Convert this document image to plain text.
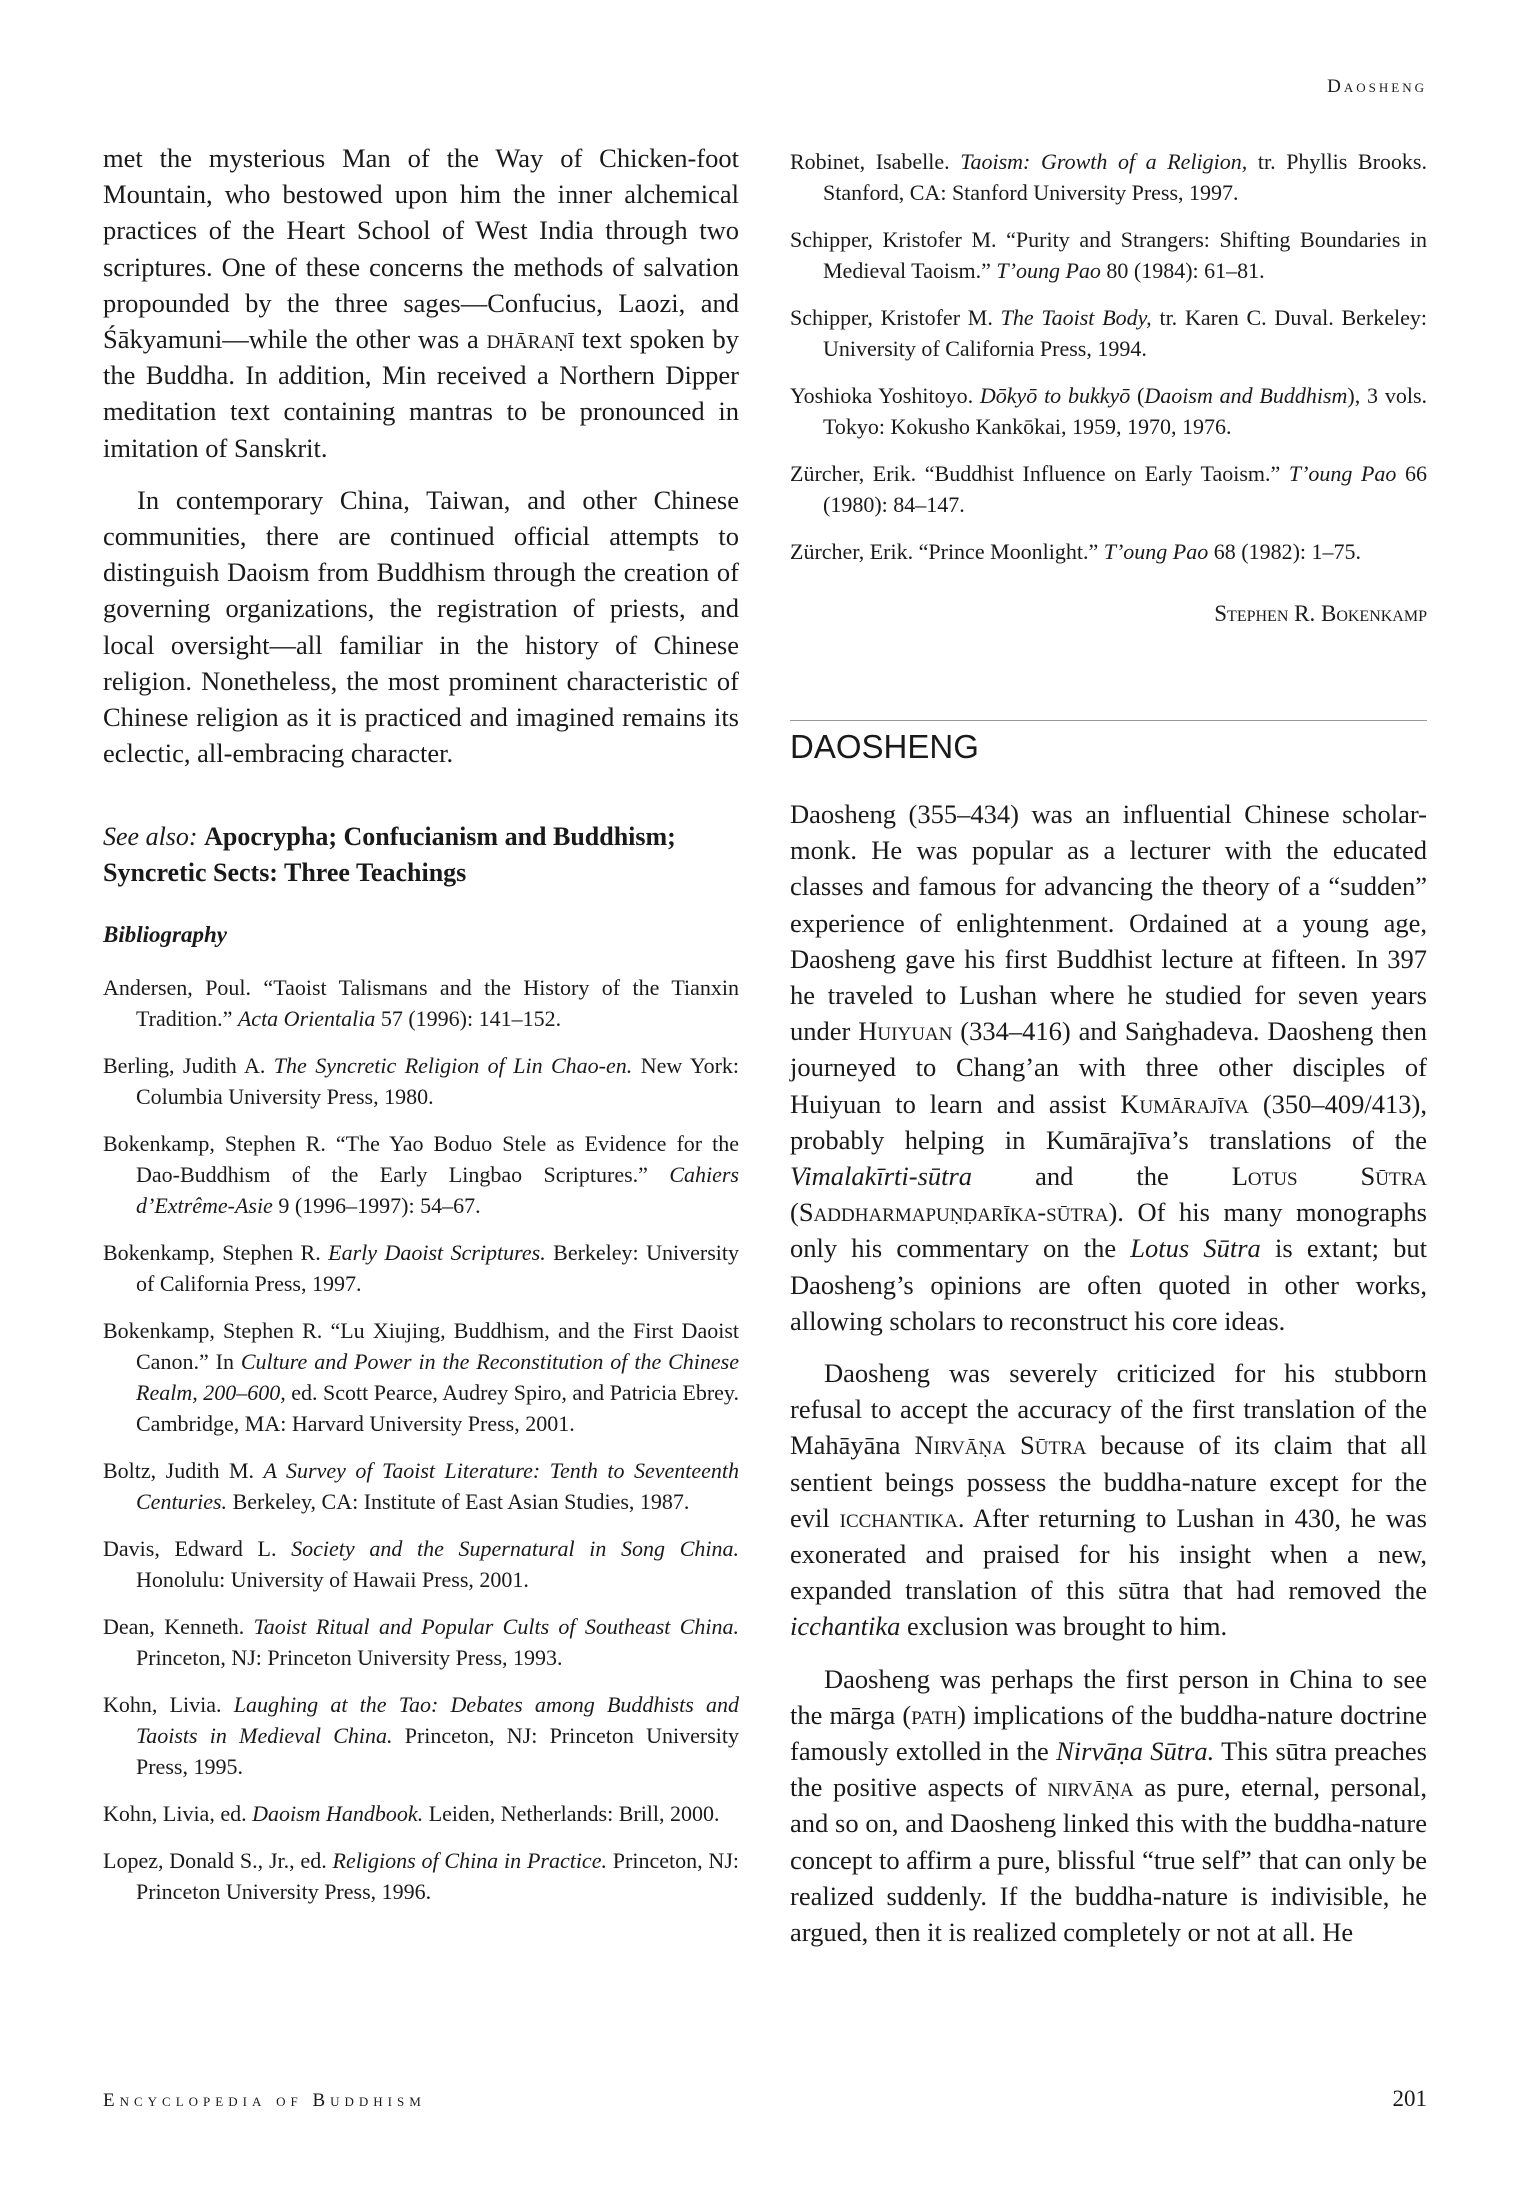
Daosheng

met the mysterious Man of the Way of Chicken-foot Mountain, who bestowed upon him the inner alchemical practices of the Heart School of West India through two scriptures. One of these concerns the methods of salvation propounded by the three sages—Confucius, Laozi, and Śākyamuni—while the other was a dhāraṇī text spoken by the Buddha. In addition, Min received a Northern Dipper meditation text containing mantras to be pronounced in imitation of Sanskrit.

In contemporary China, Taiwan, and other Chinese communities, there are continued official attempts to distinguish Daoism from Buddhism through the creation of governing organizations, the registration of priests, and local oversight—all familiar in the history of Chinese religion. Nonetheless, the most prominent characteristic of Chinese religion as it is practiced and imagined remains its eclectic, all-embracing character.

See also: Apocrypha; Confucianism and Buddhism; Syncretic Sects: Three Teachings
Bibliography
Andersen, Poul. “Taoist Talismans and the History of the Tianxin Tradition.” Acta Orientalia 57 (1996): 141–152.
Berling, Judith A. The Syncretic Religion of Lin Chao-en. New York: Columbia University Press, 1980.
Bokenkamp, Stephen R. “The Yao Boduo Stele as Evidence for the Dao-Buddhism of the Early Lingbao Scriptures.” Cahiers d’Extrême-Asie 9 (1996–1997): 54–67.
Bokenkamp, Stephen R. Early Daoist Scriptures. Berkeley: University of California Press, 1997.
Bokenkamp, Stephen R. “Lu Xiujing, Buddhism, and the First Daoist Canon.” In Culture and Power in the Reconstitution of the Chinese Realm, 200–600, ed. Scott Pearce, Audrey Spiro, and Patricia Ebrey. Cambridge, MA: Harvard University Press, 2001.
Boltz, Judith M. A Survey of Taoist Literature: Tenth to Seventeenth Centuries. Berkeley, CA: Institute of East Asian Studies, 1987.
Davis, Edward L. Society and the Supernatural in Song China. Honolulu: University of Hawaii Press, 2001.
Dean, Kenneth. Taoist Ritual and Popular Cults of Southeast China. Princeton, NJ: Princeton University Press, 1993.
Kohn, Livia. Laughing at the Tao: Debates among Buddhists and Taoists in Medieval China. Princeton, NJ: Princeton University Press, 1995.
Kohn, Livia, ed. Daoism Handbook. Leiden, Netherlands: Brill, 2000.
Lopez, Donald S., Jr., ed. Religions of China in Practice. Princeton, NJ: Princeton University Press, 1996.
Robinet, Isabelle. Taoism: Growth of a Religion, tr. Phyllis Brooks. Stanford, CA: Stanford University Press, 1997.
Schipper, Kristofer M. “Purity and Strangers: Shifting Boundaries in Medieval Taoism.” T’oung Pao 80 (1984): 61–81.
Schipper, Kristofer M. The Taoist Body, tr. Karen C. Duval. Berkeley: University of California Press, 1994.
Yoshioka Yoshitoyo. Dōkyō to bukkyō (Daoism and Buddhism), 3 vols. Tokyo: Kokusho Kankōkai, 1959, 1970, 1976.
Zürcher, Erik. “Buddhist Influence on Early Taoism.” T’oung Pao 66 (1980): 84–147.
Zürcher, Erik. “Prince Moonlight.” T’oung Pao 68 (1982): 1–75.
Stephen R. Bokenkamp
DAOSHENG

Daosheng (355–434) was an influential Chinese scholar-monk. He was popular as a lecturer with the educated classes and famous for advancing the theory of a “sudden” experience of enlightenment. Ordained at a young age, Daosheng gave his first Buddhist lecture at fifteen. In 397 he traveled to Lushan where he studied for seven years under Huiyuan (334–416) and Saṅghadeva. Daosheng then journeyed to Chang’an with three other disciples of Huiyuan to learn and assist Kumārajīva (350–409/413), probably helping in Kumārajīva’s translations of the Vimalakīrti-sūtra and the Lotus Sūtra (Saddharmapuṇḍarīka-sūtra). Of his many monographs only his commentary on the Lotus Sūtra is extant; but Daosheng’s opinions are often quoted in other works, allowing scholars to reconstruct his core ideas.

Daosheng was severely criticized for his stubborn refusal to accept the accuracy of the first translation of the Mahāyāna Nirvāṇa Sūtra because of its claim that all sentient beings possess the buddha-nature except for the evil icchantika. After returning to Lushan in 430, he was exonerated and praised for his insight when a new, expanded translation of this sūtra that had removed the icchantika exclusion was brought to him.

Daosheng was perhaps the first person in China to see the mārga (path) implications of the buddha-nature doctrine famously extolled in the Nirvāṇa Sūtra. This sūtra preaches the positive aspects of nirvāṇa as pure, eternal, personal, and so on, and Daosheng linked this with the buddha-nature concept to affirm a pure, blissful “true self” that can only be realized suddenly. If the buddha-nature is indivisible, he argued, then it is realized completely or not at all. He

Encyclopedia of Buddhism	201
